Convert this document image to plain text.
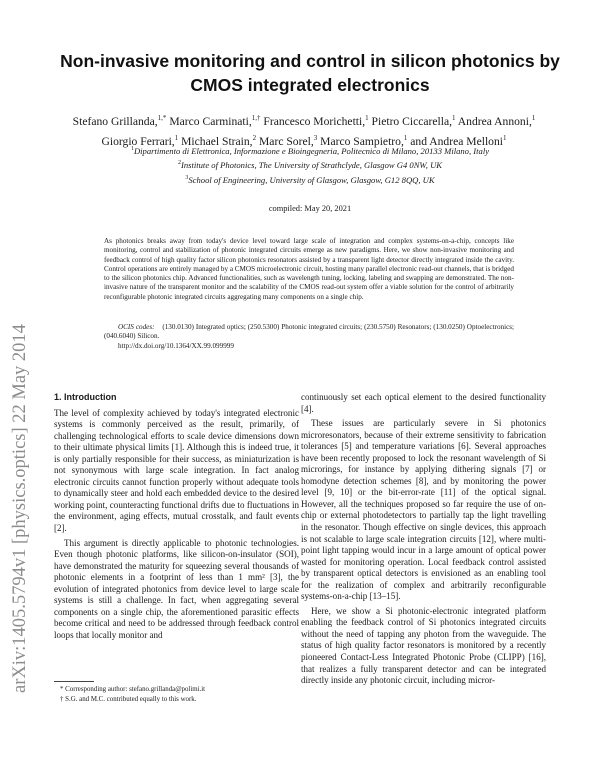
arXiv:1405.5794v1 [physics.optics] 22 May 2014
Non-invasive monitoring and control in silicon photonics by CMOS integrated electronics
Stefano Grillanda,$^{1,*}$ Marco Carminati,$^{1,\dagger}$ Francesco Morichetti,$^1$ Pietro Ciccarella,$^1$ Andrea Annoni,$^1$ Giorgio Ferrari,$^1$ Michael Strain,$^2$ Marc Sorel,$^3$ Marco Sampietro,$^1$ and Andrea Melloni$^1$
$^1$Dipartimento di Elettronica, Informazione e Bioingegneria, Politecnico di Milano, 20133 Milano, Italy
$^2$Institute of Photonics, The University of Strathclyde, Glasgow G4 0NW, UK
$^3$School of Engineering, University of Glasgow, Glasgow, G12 8QQ, UK
compiled: May 20, 2021
As photonics breaks away from today's device level toward large scale of integration and complex systems-on-a-chip, concepts like monitoring, control and stabilization of photonic integrated circuits emerge as new paradigms. Here, we show non-invasive monitoring and feedback control of high quality factor silicon photonics resonators assisted by a transparent light detector directly integrated inside the cavity. Control operations are entirely managed by a CMOS microelectronic circuit, hosting many parallel electronic read-out channels, that is bridged to the silicon photonics chip. Advanced functionalities, such as wavelength tuning, locking, labeling and swapping are demonstrated. The non-invasive nature of the transparent monitor and the scalability of the CMOS read-out system offer a viable solution for the control of arbitrarily reconfigurable photonic integrated circuits aggregating many components on a single chip.
OCIS codes: (130.0130) Integrated optics; (250.5300) Photonic integrated circuits; (230.5750) Resonators; (130.0250) Optoelectronics; (040.6040) Silicon.
http://dx.doi.org/10.1364/XX.99.099999
1. Introduction

The level of complexity achieved by today's integrated electronic systems is commonly perceived as the result, primarily, of challenging technological efforts to scale device dimensions down to their ultimate physical limits [1]. Although this is indeed true, it is only partially responsible for their success, as miniaturization is not synonymous with large scale integration. In fact analog electronic circuits cannot function properly without adequate tools to dynamically steer and hold each embedded device to the desired working point, counteracting functional drifts due to fluctuations in the environment, aging effects, mutual crosstalk, and fault events [2].

This argument is directly applicable to photonic technologies. Even though photonic platforms, like silicon-on-insulator (SOI), have demonstrated the maturity for squeezing several thousands of photonic elements in a footprint of less than 1 mm² [3], the evolution of integrated photonics from device level to large scale systems is still a challenge. In fact, when aggregating several components on a single chip, the aforementioned parasitic effects become critical and need to be addressed through feedback control loops that locally monitor and

continuously set each optical element to the desired functionality [4].

These issues are particularly severe in Si photonics microresonators, because of their extreme sensitivity to fabrication tolerances [5] and temperature variations [6]. Several approaches have been recently proposed to lock the resonant wavelength of Si microrings, for instance by applying dithering signals [7] or homodyne detection schemes [8], and by monitoring the power level [9, 10] or the bit-error-rate [11] of the optical signal. However, all the techniques proposed so far require the use of on-chip or external photodetectors to partially tap the light travelling in the resonator. Though effective on single devices, this approach is not scalable to large scale integration circuits [12], where multi-point light tapping would incur in a large amount of optical power wasted for monitoring operation. Local feedback control assisted by transparent optical detectors is envisioned as an enabling tool for the realization of complex and arbitrarily reconfigurable systems-on-a-chip [13–15].

Here, we show a Si photonic-electronic integrated platform enabling the feedback control of Si photonics integrated circuits without the need of tapping any photon from the waveguide. The status of high quality factor resonators is monitored by a recently pioneered Contact-Less Integrated Photonic Probe (CLIPP) [16], that realizes a fully transparent detector and can be integrated directly inside any photonic circuit, including micror-

* Corresponding author: stefano.grillanda@polimi.it
† S.G. and M.C. contributed equally to this work.
